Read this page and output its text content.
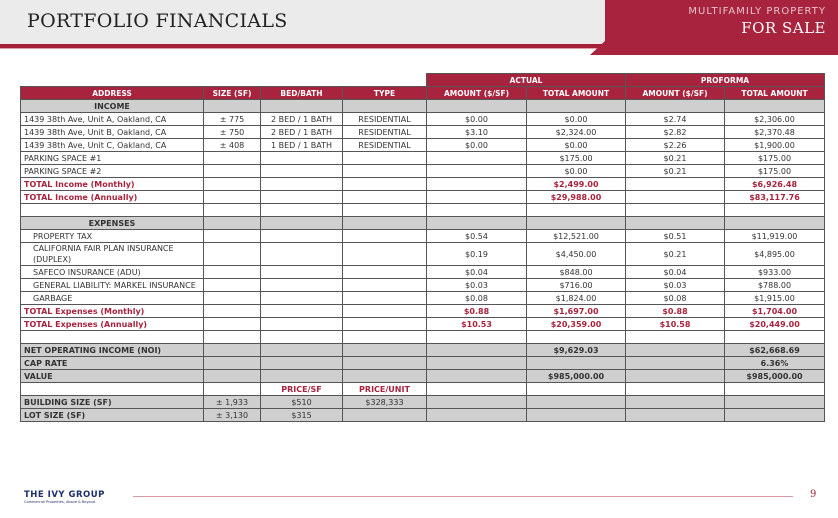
PORTFOLIO FINANCIALS	MULTIFAMILY PROPERTY
FOR SALE
				ACTUAL		PROFORMA	
ADDRESS	SIZE (SF)	BED/BATH	TYPE	AMOUNT ($/SF)	TOTAL AMOUNT	AMOUNT ($/SF)	TOTAL AMOUNT
INCOME							
1439 38th Ave, Unit A, Oakland, CA	± 775	2 BED / 1 BATH	RESIDENTIAL	$0.00	$0.00	$2.74	$2,306.00
1439 38th Ave, Unit B, Oakland, CA	± 750	2 BED / 1 BATH	RESIDENTIAL	$3.10	$2,324.00	$2.82	$2,370.48
1439 38th Ave, Unit C, Oakland, CA	± 408	1 BED / 1 BATH	RESIDENTIAL	$0.00	$0.00	$2.26	$1,900.00
PARKING SPACE #1					$175.00	$0.21	$175.00
PARKING SPACE #2					$0.00	$0.21	$175.00
TOTAL Income (Monthly)					$2,499.00		$6,926.48
TOTAL Income (Annually)					$29,988.00		$83,117.76

EXPENSES							
PROPERTY TAX				$0.54	$12,521.00	$0.51	$11,919.00
CALIFORNIA FAIR PLAN INSURANCE (DUPLEX)				$0.19	$4,450.00	$0.21	$4,895.00
SAFECO INSURANCE (ADU)				$0.04	$848.00	$0.04	$933.00
GENERAL LIABILITY: MARKEL INSURANCE				$0.03	$716.00	$0.03	$788.00
GARBAGE				$0.08	$1,824.00	$0.08	$1,915.00
TOTAL Expenses (Monthly)				$0.88	$1,697.00	$0.88	$1,704.00
TOTAL Expenses (Annually)				$10.53	$20,359.00	$10.58	$20,449.00

NET OPERATING INCOME (NOI)					$9,629.03		$62,668.69
CAP RATE							6.36%
VALUE					$985,000.00		$985,000.00
		PRICE/SF	PRICE/UNIT				
BUILDING SIZE (SF)	± 1,933	$510	$328,333				
LOT SIZE (SF)	± 3,130	$315					
THE IVY GROUP
Commercial Properties, Above & Beyond
9
